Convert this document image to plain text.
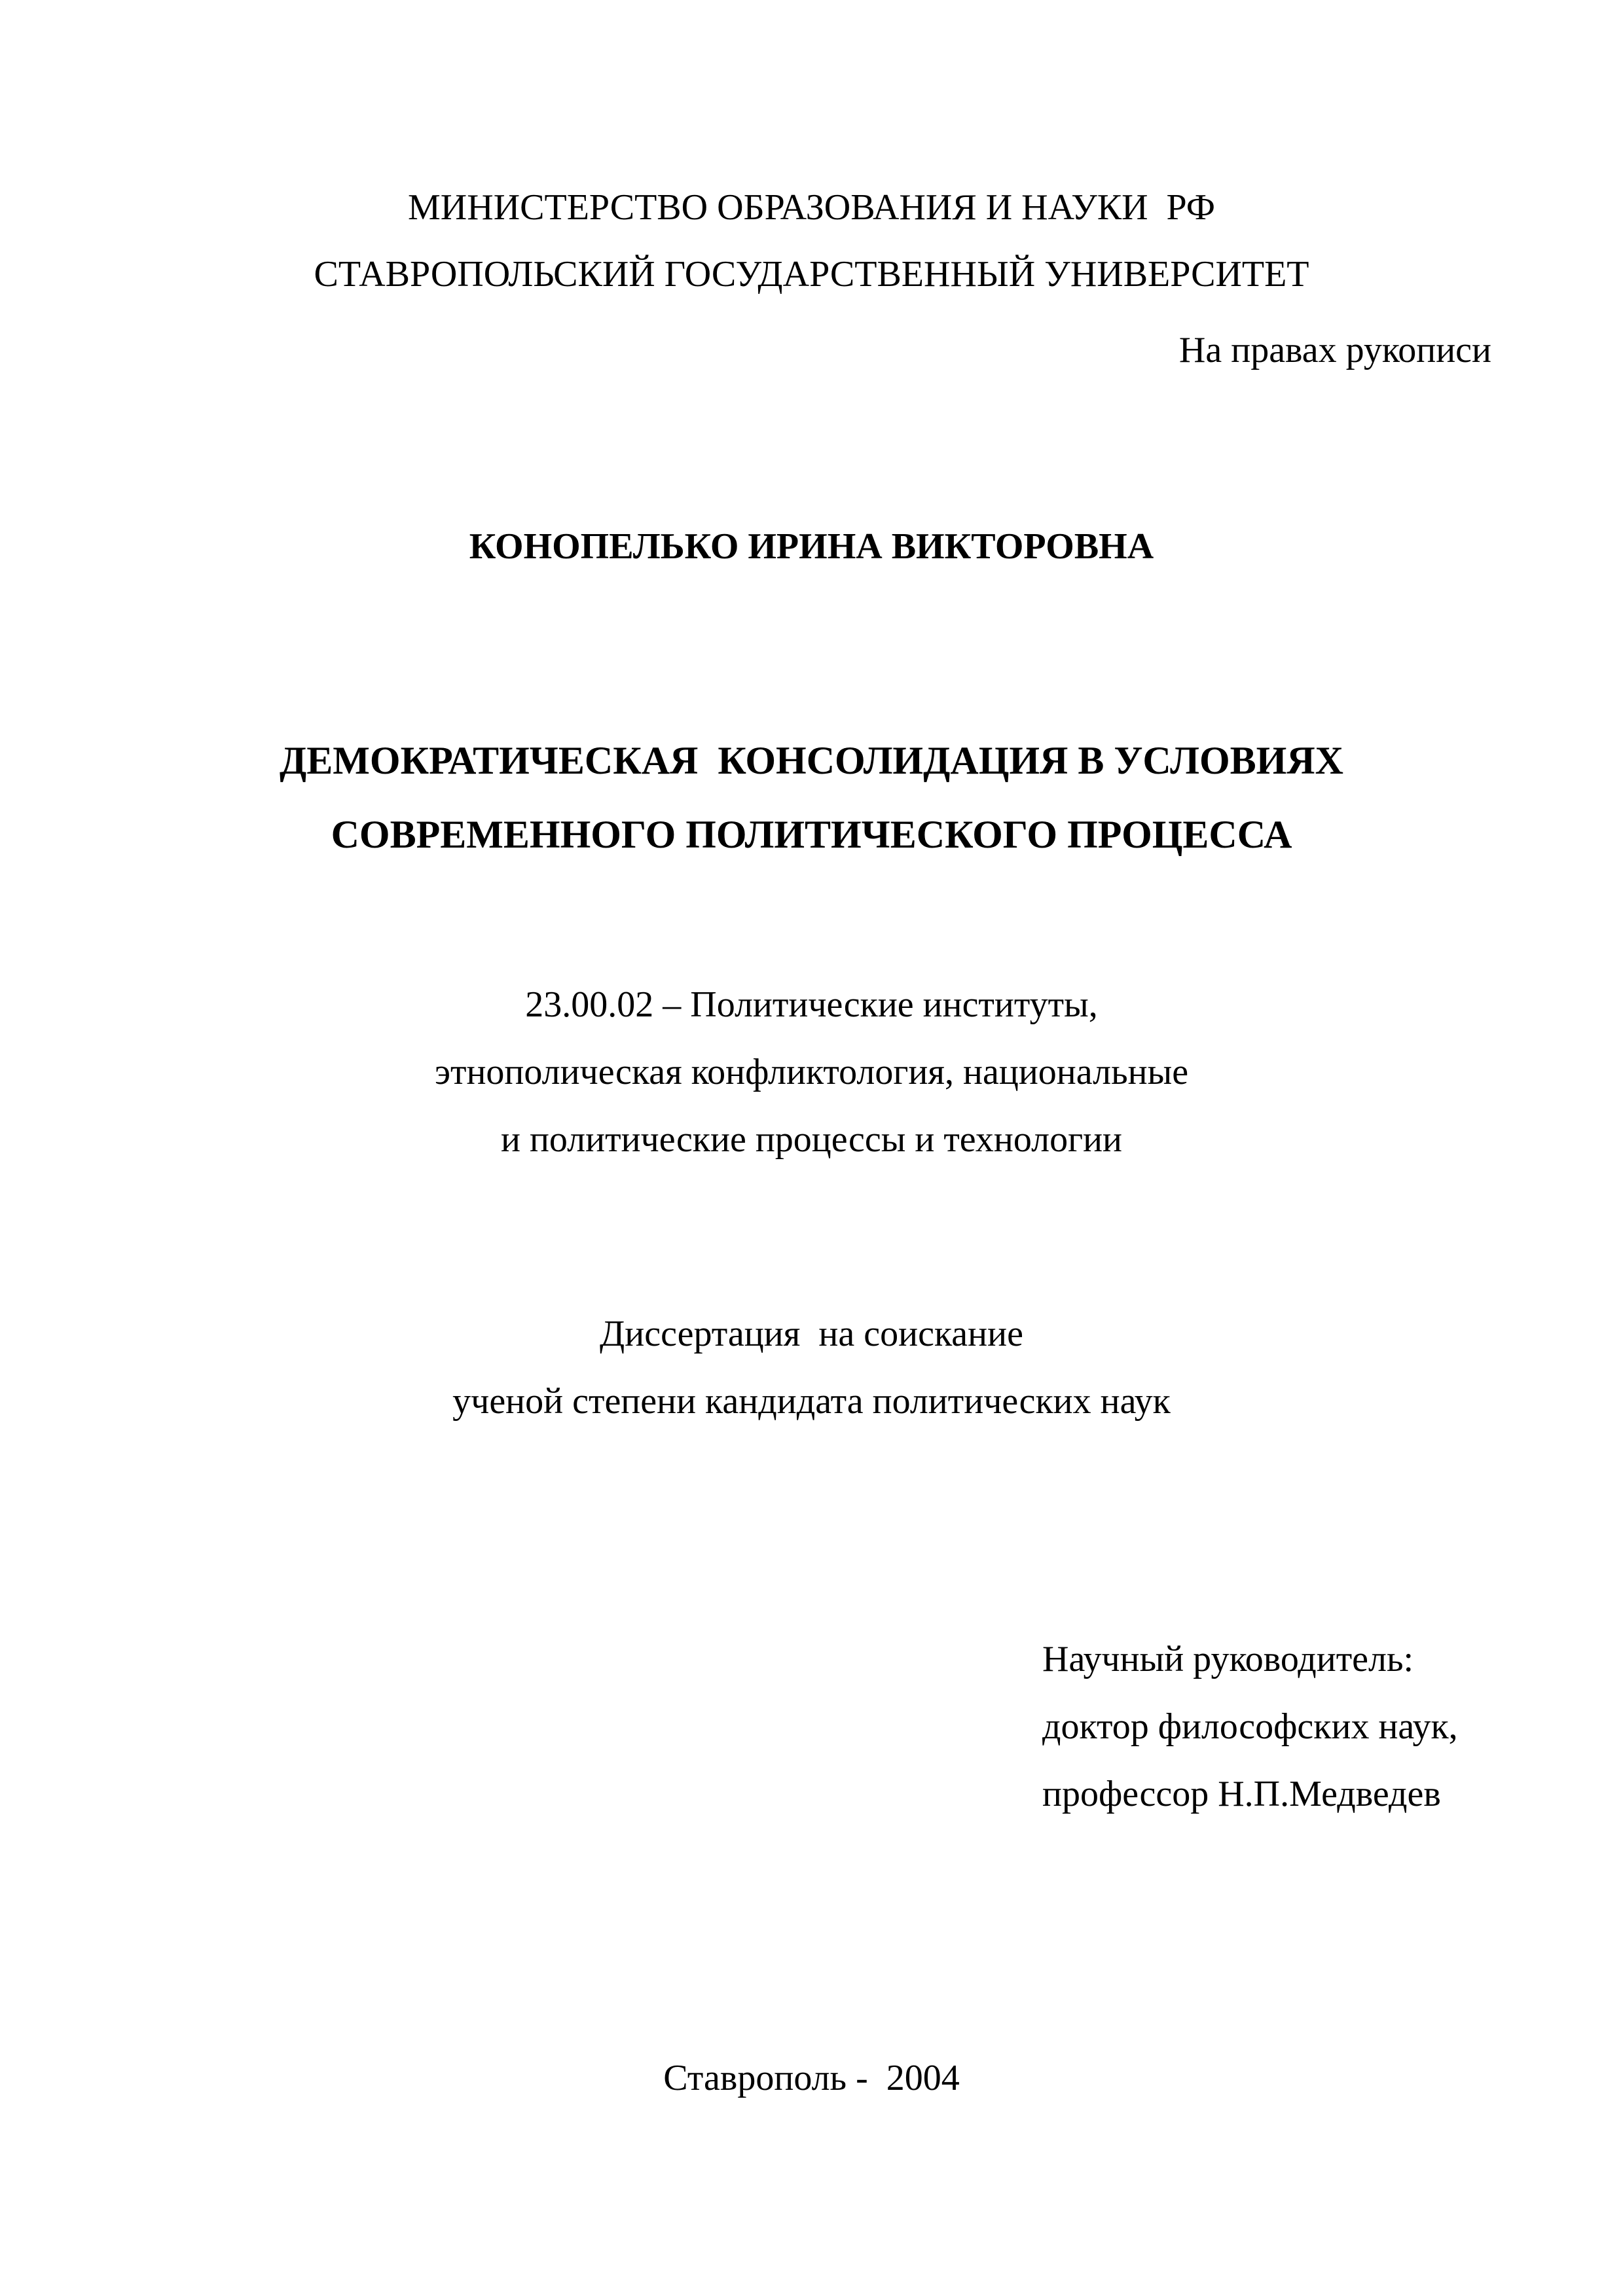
МИНИСТЕРСТВО ОБРАЗОВАНИЯ И НАУКИ  РФ
СТАВРОПОЛЬСКИЙ ГОСУДАРСТВЕННЫЙ УНИВЕРСИТЕТ
На правах рукописи
КОНОПЕЛЬКО ИРИНА ВИКТОРОВНА
ДЕМОКРАТИЧЕСКАЯ  КОНСОЛИДАЦИЯ В УСЛОВИЯХ
СОВРЕМЕННОГО ПОЛИТИЧЕСКОГО ПРОЦЕССА
23.00.02 – Политические институты,
этнополическая конфликтология, национальные
и политические процессы и технологии
Диссертация  на соискание
ученой степени кандидата политических наук
Научный руководитель:
доктор философских наук,
профессор Н.П.Медведев
Ставрополь -  2004
